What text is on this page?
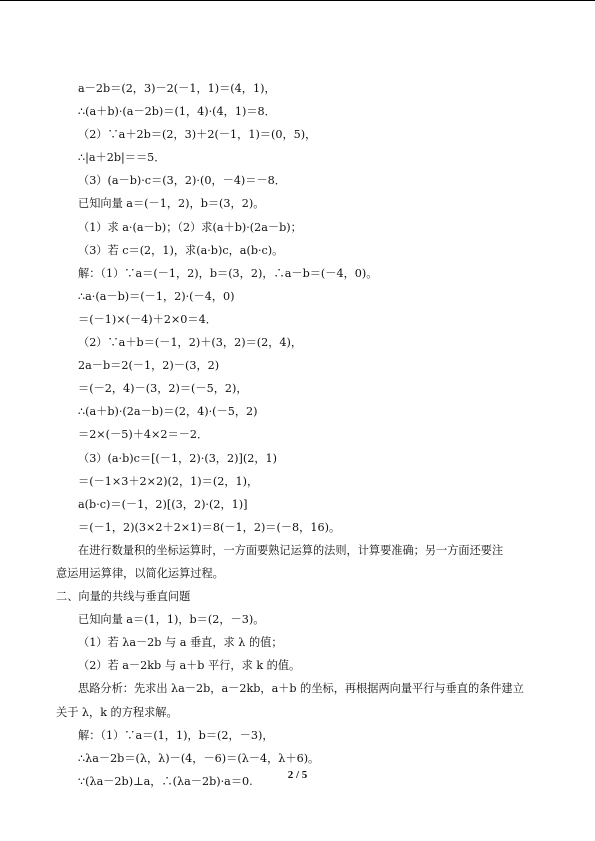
a－2b＝(2，3)－2(－1，1)＝(4，1)，
∴(a＋b)·(a－2b)＝(1，4)·(4，1)＝8．
（2）∵a＋2b＝(2，3)＋2(－1，1)＝(0，5)，
∴|a＋2b|＝＝5．
（3）(a－b)·c＝(3，2)·(0，－4)＝－8．
已知向量 a＝(－1，2)，b＝(3，2)。
（1）求 a·(a－b)；（2）求(a＋b)·(2a－b)；
（3）若 c＝(2，1)，求(a·b)c，a(b·c)。
解：（1）∵a＝(－1，2)，b＝(3，2)，∴a－b＝(－4，0)。
∴a·(a－b)＝(－1，2)·(－4，0)
＝(－1)×(－4)＋2×0＝4．
（2）∵a＋b＝(－1，2)＋(3，2)＝(2，4)，
2a－b＝2(－1，2)－(3，2)
＝(－2，4)－(3，2)＝(－5，2)，
∴(a＋b)·(2a－b)＝(2，4)·(－5，2)
＝2×(－5)＋4×2＝－2．
（3）(a·b)c＝[(－1，2)·(3，2)](2，1)
＝(－1×3＋2×2)(2，1)＝(2，1)，
a(b·c)＝(－1，2)[(3，2)·(2，1)]
＝(－1，2)(3×2＋2×1)＝8(－1，2)＝(－8，16)。
在进行数量积的坐标运算时，一方面要熟记运算的法则，计算要准确；另一方面还要注
意运用运算律，以简化运算过程。
二、向量的共线与垂直问题
已知向量 a＝(1，1)，b＝(2，－3)。
（1）若 λa－2b 与 a 垂直，求 λ 的值；
（2）若 a－2kb 与 a＋b 平行，求 k 的值。
思路分析：先求出 λa－2b，a－2kb，a＋b 的坐标，再根据两向量平行与垂直的条件建立
关于 λ，k 的方程求解。
解：（1）∵a＝(1，1)，b＝(2，－3)，
∴λa－2b＝(λ，λ)－(4，－6)＝(λ－4，λ＋6)。
∵(λa－2b)⊥a，∴(λa－2b)·a＝0.	2 / 5
